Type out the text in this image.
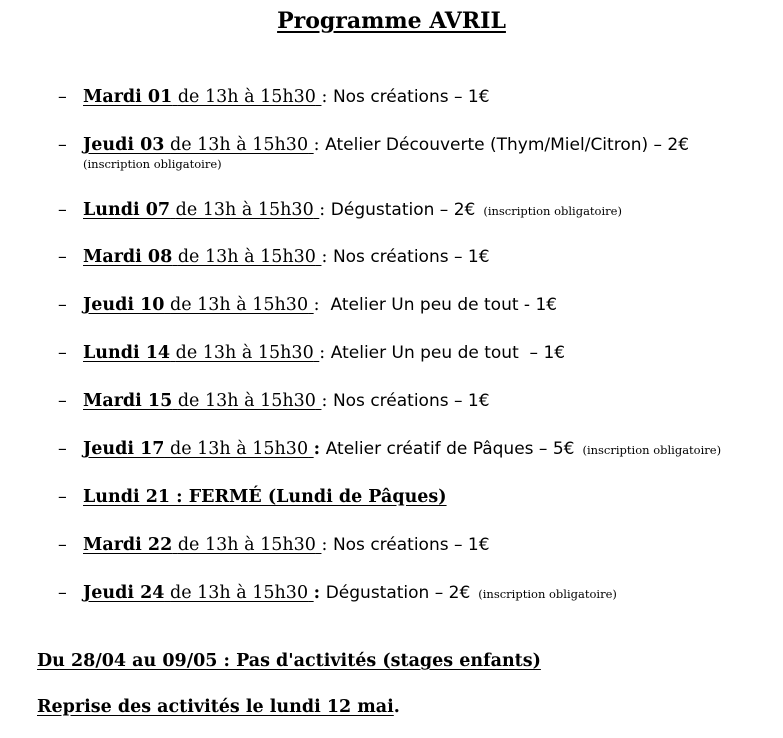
Programme AVRIL
– Mardi 01 de 13h à 15h30 : Nos créations – 1€
– Jeudi 03 de 13h à 15h30 : Atelier Découverte (Thym/Miel/Citron) – 2€
(inscription obligatoire)
– Lundi 07 de 13h à 15h30 : Dégustation – 2€ (inscription obligatoire)
– Mardi 08 de 13h à 15h30 : Nos créations – 1€
– Jeudi 10 de 13h à 15h30 :  Atelier Un peu de tout - 1€
– Lundi 14 de 13h à 15h30 : Atelier Un peu de tout  – 1€
– Mardi 15 de 13h à 15h30 : Nos créations – 1€
– Jeudi 17 de 13h à 15h30 : Atelier créatif de Pâques – 5€ (inscription obligatoire)
– Lundi 21 : FERMÉ (Lundi de Pâques)
– Mardi 22 de 13h à 15h30 : Nos créations – 1€
– Jeudi 24 de 13h à 15h30 : Dégustation – 2€ (inscription obligatoire)
Du 28/04 au 09/05 : Pas d'activités (stages enfants)
Reprise des activités le lundi 12 mai.
